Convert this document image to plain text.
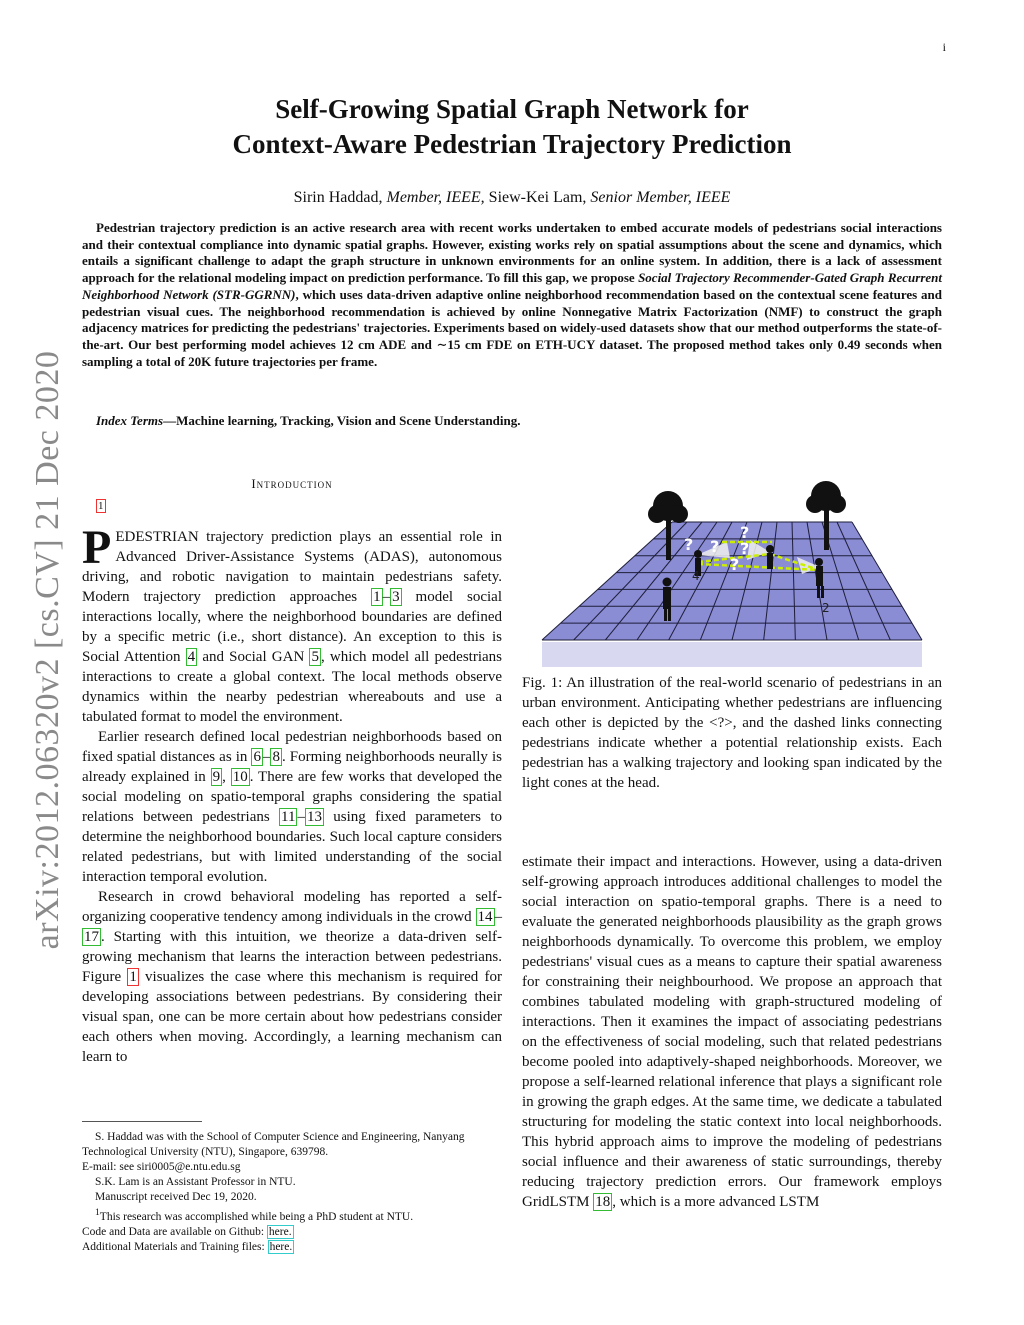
i
arXiv:2012.06320v2 [cs.CV] 21 Dec 2020
Self-Growing Spatial Graph Network for
Context-Aware Pedestrian Trajectory Prediction
Sirin Haddad, Member, IEEE, Siew-Kei Lam, Senior Member, IEEE
Pedestrian trajectory prediction is an active research area with recent works undertaken to embed accurate models of pedestrians social interactions and their contextual compliance into dynamic spatial graphs. However, existing works rely on spatial assumptions about the scene and dynamics, which entails a significant challenge to adapt the graph structure in unknown environments for an online system. In addition, there is a lack of assessment approach for the relational modeling impact on prediction performance. To fill this gap, we propose Social Trajectory Recommender-Gated Graph Recurrent Neighborhood Network (STR-GGRNN), which uses data-driven adaptive online neighborhood recommendation based on the contextual scene features and pedestrian visual cues. The neighborhood recommendation is achieved by online Nonnegative Matrix Factorization (NMF) to construct the graph adjacency matrices for predicting the pedestrians' trajectories. Experiments based on widely-used datasets show that our method outperforms the state-of-the-art. Our best performing model achieves 12 cm ADE and ∼15 cm FDE on ETH-UCY dataset. The proposed method takes only 0.49 seconds when sampling a total of 20K future trajectories per frame.
Index Terms—Machine learning, Tracking, Vision and Scene Understanding.
Introduction
1

PEDESTRIAN trajectory prediction plays an essential role in Advanced Driver-Assistance Systems (ADAS), autonomous driving, and robotic navigation to maintain pedestrians safety. Modern trajectory prediction approaches 1 – 3 model social interactions locally, where the neighborhood boundaries are defined by a specific metric (i.e., short distance). An exception to this is Social Attention 4 and Social GAN 5 , which model all pedestrians interactions to create a global context. The local methods observe dynamics within the nearby pedestrian whereabouts and use a tabulated format to model the environment.

Earlier research defined local pedestrian neighborhoods based on fixed spatial distances as in 6 – 8 . Forming neighborhoods neurally is already explained in 9 , 10 . There are few works that developed the social modeling on spatio-temporal graphs considering the spatial relations between pedestrians 11 – 13 using fixed parameters to determine the neighborhood boundaries. Such local capture considers related pedestrians, but with limited understanding of the social interaction temporal evolution.

Research in crowd behavioral modeling has reported a self-organizing cooperative tendency among individuals in the crowd 14 –17 . Starting with this intuition, we theorize a data-driven self-growing mechanism that learns the interaction between pedestrians. Figure 1 visualizes the case where this mechanism is required for developing associations between pedestrians. By considering their visual span, one can be more certain about how pedestrians consider each others when moving. Accordingly, a learning mechanism can learn to

S. Haddad was with the School of Computer Science and Engineering, Nanyang Technological University (NTU), Singapore, 639798.
E-mail: see siri0005@e.ntu.edu.sg
S.K. Lam is an Assistant Professor in NTU.
Manuscript received Dec 19, 2020.
$^1$This research was accomplished while being a PhD student at NTU.
Code and Data are available on Github: here.
Additional Materials and Training files: here.
? ?
?
?
?
4
2
Fig. 1: An illustration of the real-world scenario of pedestrians in an urban environment. Anticipating whether pedestrians are influencing each other is depicted by the <?>, and the dashed links connecting pedestrians indicate whether a potential relationship exists. Each pedestrian has a walking trajectory and looking span indicated by the light cones at the head.
estimate their impact and interactions. However, using a data-driven self-growing approach introduces additional challenges to model the social interaction on spatio-temporal graphs. There is a need to evaluate the generated neighborhoods plausibility as the graph grows neighborhoods dynamically. To overcome this problem, we employ pedestrians' visual cues as a means to capture their spatial awareness for constraining their neighbourhood. We propose an approach that combines tabulated modeling with graph-structured modeling of interactions. Then it examines the impact of associating pedestrians on the effectiveness of social modeling, such that related pedestrians become pooled into adaptively-shaped neighborhoods. Moreover, we propose a self-learned relational inference that plays a significant role in growing the graph edges. At the same time, we dedicate a tabulated structuring for modeling the static context into local neighborhoods. This hybrid approach aims to improve the modeling of pedestrians social influence and their awareness of static surroundings, thereby reducing trajectory prediction errors. Our framework employs GridLSTM 18 , which is a more advanced LSTM
